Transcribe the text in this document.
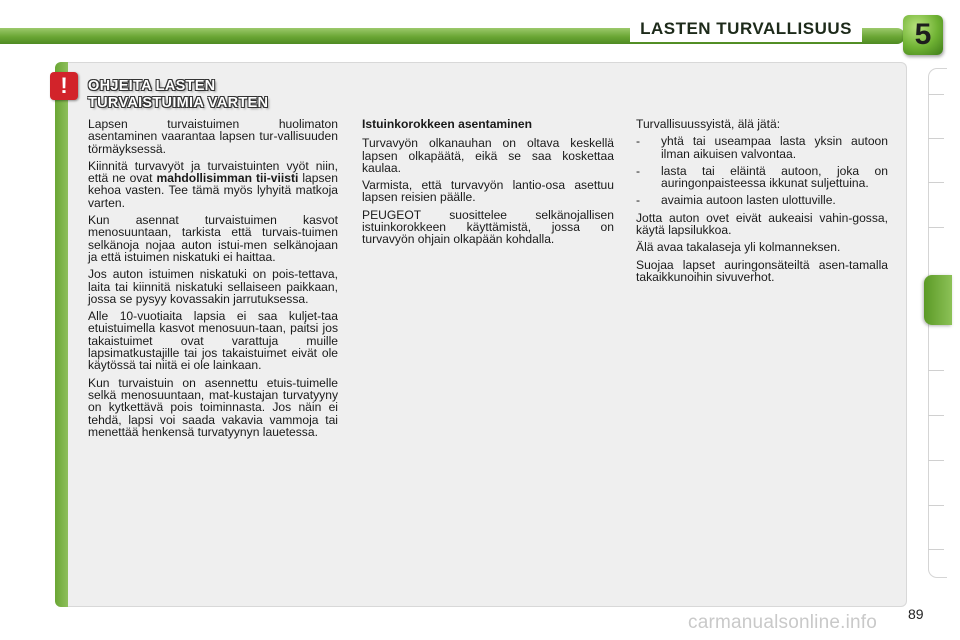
LASTEN TURVALLISUUS	5
!	OHJEITA LASTEN
TURVAISTUIMIA VARTEN

Lapsen turvaistuimen huolimaton asentaminen vaarantaa lapsen tur-vallisuuden törmäyksessä.

Kiinnitä turvavyöt ja turvaistuinten vyöt niin, että ne ovat mahdollisimman tii-viisti lapsen kehoa vasten. Tee tämä myös lyhyitä matkoja varten.

Kun asennat turvaistuimen kasvot menosuuntaan, tarkista että turvais-tuimen selkänoja nojaa auton istui-men selkänojaan ja että istuimen niskatuki ei haittaa.

Jos auton istuimen niskatuki on pois-tettava, laita tai kiinnitä niskatuki sellaiseen paikkaan, jossa se pysyy kovassakin jarrutuksessa.

Alle 10-vuotiaita lapsia ei saa kuljet-taa etuistuimella kasvot menosuun-taan, paitsi jos takaistuimet ovat varattuja muille lapsimatkustajille tai jos takaistuimet eivät ole käytössä tai niitä ei ole lainkaan.

Kun turvaistuin on asennettu etuis-tuimelle selkä menosuuntaan, mat-kustajan turvatyyny on kytkettävä pois toiminnasta. Jos näin ei tehdä, lapsi voi saada vakavia vammoja tai menettää henkensä turvatyynyn lauetessa.

Istuinkorokkeen asentaminen

Turvavyön olkanauhan on oltava keskellä lapsen olkapäätä, eikä se saa koskettaa kaulaa.

Varmista, että turvavyön lantio-osa asettuu lapsen reisien päälle.

PEUGEOT suosittelee selkänojallisen istuinkorokkeen käyttämistä, jossa on turvavyön ohjain olkapään kohdalla.

Turvallisuussyistä, älä jätä:

-	yhtä tai useampaa lasta yksin autoon ilman aikuisen valvontaa.
-	lasta tai eläintä autoon, joka on auringonpaisteessa ikkunat suljettuina.
-	avaimia autoon lasten ulottuville.

Jotta auton ovet eivät aukeaisi vahin-gossa, käytä lapsilukkoa.

Älä avaa takalaseja yli kolmanneksen.

Suojaa lapset auringonsäteiltä asen-tamalla takaikkunoihin sivuverhot.

carmanualsonline.info 89
